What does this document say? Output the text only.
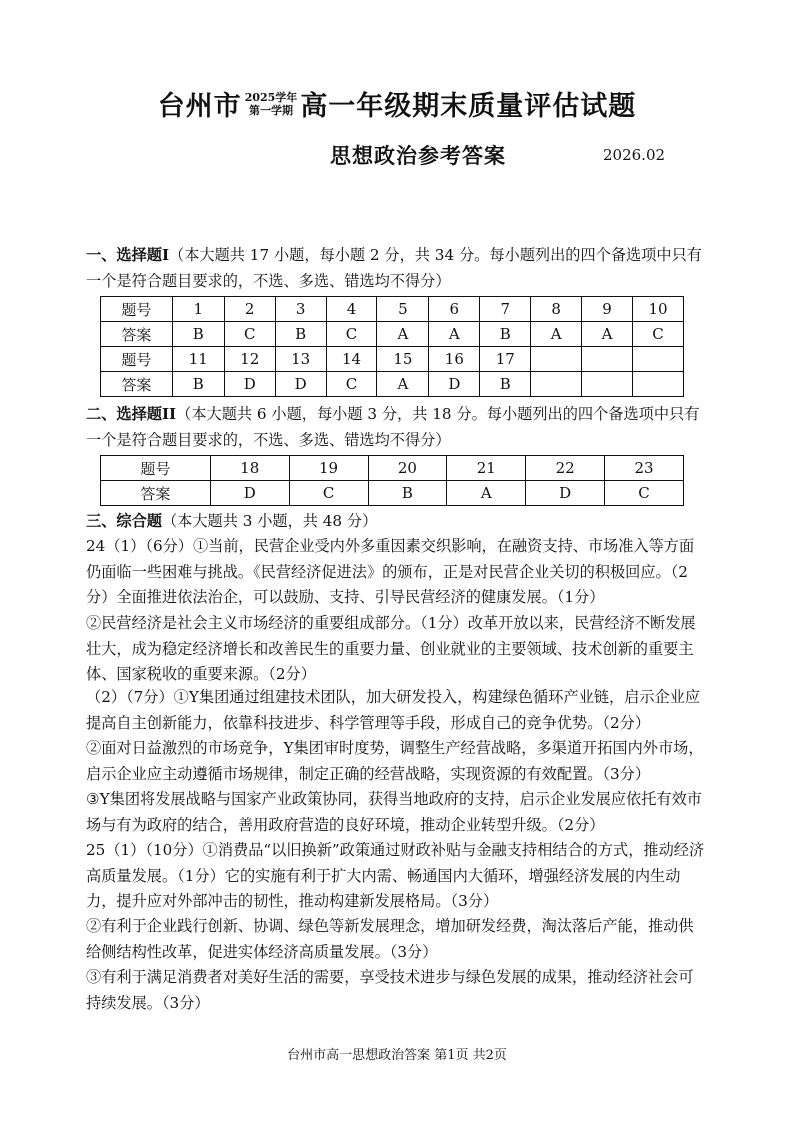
台州市 2025学年
第一学期 高一年级期末质量评估试题
思想政治参考答案	2026.02
一、选择题I（本大题共 17 小题，每小题 2 分，共 34 分。每小题列出的四个备选项中只有一个是符合题目要求的，不选、多选、错选均不得分）
题号	1	2	3	4	5	6	7	8	9	10
答案	B	C	B	C	A	A	B	A	A	C
题号	11	12	13	14	15	16	17			
答案	B	D	D	C	A	D	B			
二、选择题II（本大题共 6 小题，每小题 3 分，共 18 分。每小题列出的四个备选项中只有一个是符合题目要求的，不选、多选、错选均不得分）
题号	18	19	20	21	22	23
答案	D	C	B	A	D	C
三、综合题（本大题共 3 小题，共 48 分）
24（1）（6分）①当前，民营企业受内外多重因素交织影响，在融资支持、市场准入等方面仍面临一些困难与挑战。《民营经济促进法》的颁布，正是对民营企业关切的积极回应。（2分）全面推进依法治企，可以鼓励、支持、引导民营经济的健康发展。（1分）
②民营经济是社会主义市场经济的重要组成部分。（1分）改革开放以来，民营经济不断发展壮大，成为稳定经济增长和改善民生的重要力量、创业就业的主要领域、技术创新的重要主体、国家税收的重要来源。（2分）
（2）（7分）①Y集团通过组建技术团队，加大研发投入，构建绿色循环产业链，启示企业应提高自主创新能力，依靠科技进步、科学管理等手段，形成自己的竞争优势。（2分）
②面对日益激烈的市场竞争，Y集团审时度势，调整生产经营战略，多渠道开拓国内外市场，启示企业应主动遵循市场规律，制定正确的经营战略，实现资源的有效配置。（3分）
③Y集团将发展战略与国家产业政策协同，获得当地政府的支持，启示企业发展应依托有效市场与有为政府的结合，善用政府营造的良好环境，推动企业转型升级。（2分）
25（1）（10分）①消费品“以旧换新”政策通过财政补贴与金融支持相结合的方式，推动经济高质量发展。（1分）它的实施有利于扩大内需、畅通国内大循环，增强经济发展的内生动力，提升应对外部冲击的韧性，推动构建新发展格局。（3分）
②有利于企业践行创新、协调、绿色等新发展理念，增加研发经费，淘汰落后产能，推动供给侧结构性改革，促进实体经济高质量发展。（3分）
③有利于满足消费者对美好生活的需要，享受技术进步与绿色发展的成果，推动经济社会可持续发展。（3分）
台州市高一思想政治答案 第1页 共2页
